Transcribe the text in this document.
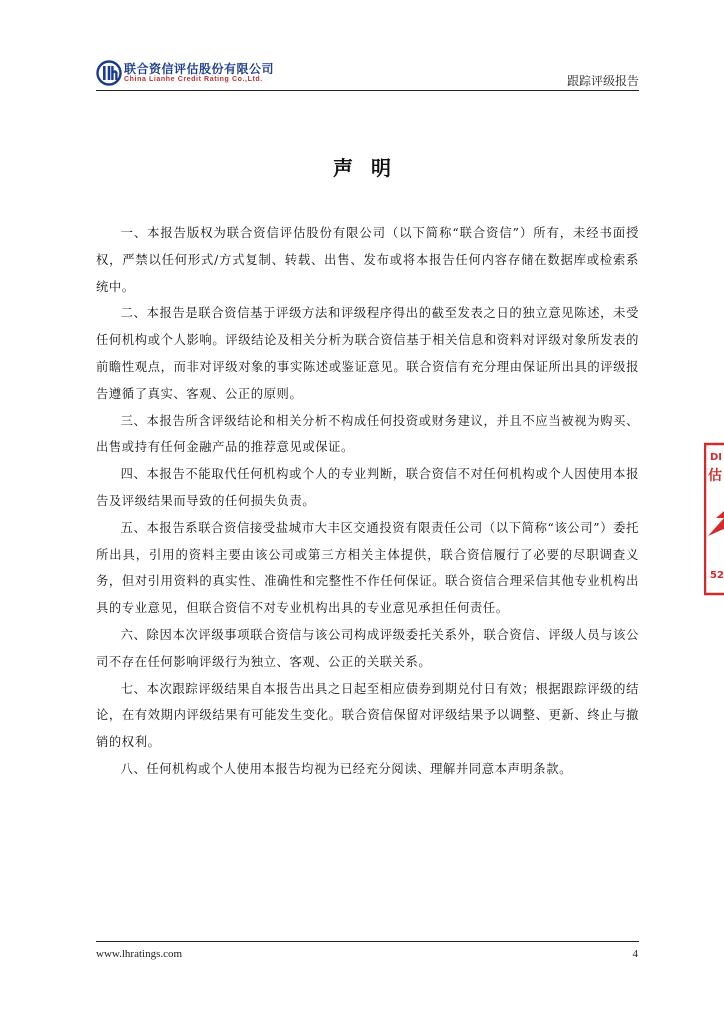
联合资信评估股份有限公司
China Lianhe Credit Rating Co.,Ltd.	跟踪评级报告
声明

一、本报告版权为联合资信评估股份有限公司（以下简称“联合资信”）所有，未经书面授权，严禁以任何形式/方式复制、转载、出售、发布或将本报告任何内容存储在数据库或检索系统中。

二、本报告是联合资信基于评级方法和评级程序得出的截至发表之日的独立意见陈述，未受任何机构或个人影响。评级结论及相关分析为联合资信基于相关信息和资料对评级对象所发表的前瞻性观点，而非对评级对象的事实陈述或鉴证意见。联合资信有充分理由保证所出具的评级报告遵循了真实、客观、公正的原则。

三、本报告所含评级结论和相关分析不构成任何投资或财务建议，并且不应当被视为购买、出售或持有任何金融产品的推荐意见或保证。

四、本报告不能取代任何机构或个人的专业判断，联合资信不对任何机构或个人因使用本报告及评级结果而导致的任何损失负责。

五、本报告系联合资信接受盐城市大丰区交通投资有限责任公司（以下简称“该公司”）委托所出具，引用的资料主要由该公司或第三方相关主体提供，联合资信履行了必要的尽职调查义务，但对引用资料的真实性、准确性和完整性不作任何保证。联合资信合理采信其他专业机构出具的专业意见，但联合资信不对专业机构出具的专业意见承担任何责任。

六、除因本次评级事项联合资信与该公司构成评级委托关系外，联合资信、评级人员与该公司不存在任何影响评级行为独立、客观、公正的关联关系。

七、本次跟踪评级结果自本报告出具之日起至相应债券到期兑付日有效；根据跟踪评级的结论，在有效期内评级结果有可能发生变化。联合资信保留对评级结果予以调整、更新、终止与撤销的权利。

八、任何机构或个人使用本报告均视为已经充分阅读、理解并同意本声明条款。

DI
估
52
www.lhratings.com	4
